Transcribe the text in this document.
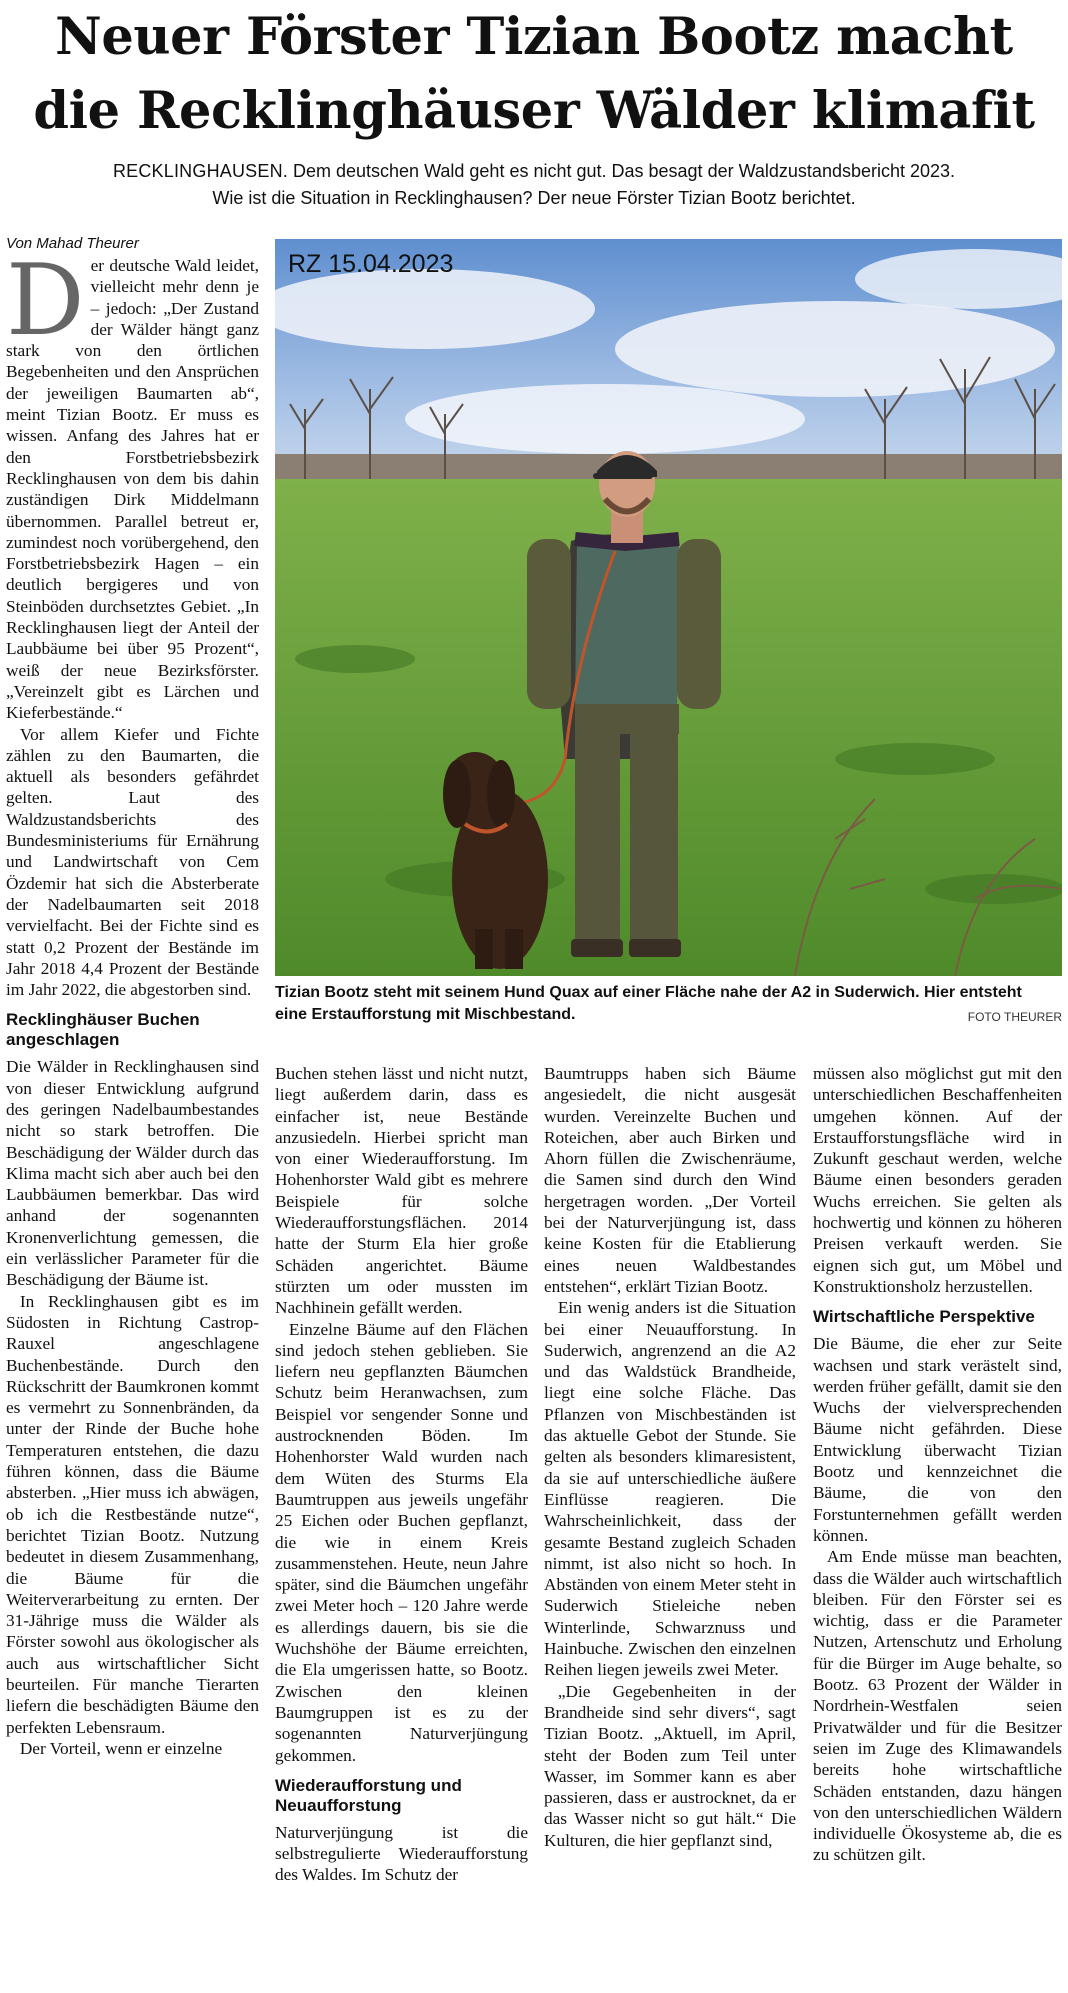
Neuer Förster Tizian Bootz macht
die Recklinghäuser Wälder klimafit

RECKLINGHAUSEN. Dem deutschen Wald geht es nicht gut. Das besagt der Waldzustandsbericht 2023.
Wie ist die Situation in Recklinghausen? Der neue Förster Tizian Bootz berichtet.

Von Mahad Theurer
RZ 15.04.2023

Tizian Bootz steht mit seinem Hund Quax auf einer Fläche nahe der A2 in Suderwich. Hier entsteht eine Erstaufforstung mit Mischbestand.	FOTO THEURER

Der deutsche Wald leidet, vielleicht mehr denn je – jedoch: „Der Zustand der Wälder hängt ganz stark von den örtlichen Begebenheiten und den Ansprüchen der jeweiligen Baumarten ab“, meint Tizian Bootz. Er muss es wissen. Anfang des Jahres hat er den Forstbetriebsbezirk Recklinghausen von dem bis dahin zuständigen Dirk Middelmann übernommen. Parallel betreut er, zumindest noch vorübergehend, den Forstbetriebsbezirk Hagen – ein deutlich bergigeres und von Steinböden durchsetztes Gebiet. „In Recklinghausen liegt der Anteil der Laubbäume bei über 95 Prozent“, weiß der neue Bezirksförster. „Vereinzelt gibt es Lärchen und Kieferbestände.“

Vor allem Kiefer und Fichte zählen zu den Baumarten, die aktuell als besonders gefährdet gelten. Laut des Waldzustandsberichts des Bundesministeriums für Ernährung und Landwirtschaft von Cem Özdemir hat sich die Absterberate der Nadelbaumarten seit 2018 vervielfacht. Bei der Fichte sind es statt 0,2 Prozent der Bestände im Jahr 2018 4,4 Prozent der Bestände im Jahr 2022, die abgestorben sind.

Recklinghäuser Buchen angeschlagen

Die Wälder in Recklinghausen sind von dieser Entwicklung aufgrund des geringen Nadelbaumbestandes nicht so stark betroffen. Die Beschädigung der Wälder durch das Klima macht sich aber auch bei den Laubbäumen bemerkbar. Das wird anhand der sogenannten Kronenverlichtung gemessen, die ein verlässlicher Parameter für die Beschädigung der Bäume ist.

In Recklinghausen gibt es im Südosten in Richtung Castrop-Rauxel angeschlagene Buchenbestände. Durch den Rückschritt der Baumkronen kommt es vermehrt zu Sonnenbränden, da unter der Rinde der Buche hohe Temperaturen entstehen, die dazu führen können, dass die Bäume absterben. „Hier muss ich abwägen, ob ich die Restbestände nutze“, berichtet Tizian Bootz. Nutzung bedeutet in diesem Zusammenhang, die Bäume für die Weiterverarbeitung zu ernten. Der 31-Jährige muss die Wälder als Förster sowohl aus ökologischer als auch aus wirtschaftlicher Sicht beurteilen. Für manche Tierarten liefern die beschädigten Bäume den perfekten Lebensraum.

Der Vorteil, wenn er einzelne

Buchen stehen lässt und nicht nutzt, liegt außerdem darin, dass es einfacher ist, neue Bestände anzusiedeln. Hierbei spricht man von einer Wiederaufforstung. Im Hohenhorster Wald gibt es mehrere Beispiele für solche Wiederaufforstungsflächen. 2014 hatte der Sturm Ela hier große Schäden angerichtet. Bäume stürzten um oder mussten im Nachhinein gefällt werden.

Einzelne Bäume auf den Flächen sind jedoch stehen geblieben. Sie liefern neu gepflanzten Bäumchen Schutz beim Heranwachsen, zum Beispiel vor sengender Sonne und austrocknenden Böden. Im Hohenhorster Wald wurden nach dem Wüten des Sturms Ela Baumtruppen aus jeweils ungefähr 25 Eichen oder Buchen gepflanzt, die wie in einem Kreis zusammenstehen. Heute, neun Jahre später, sind die Bäumchen ungefähr zwei Meter hoch – 120 Jahre werde es allerdings dauern, bis sie die Wuchshöhe der Bäume erreichten, die Ela umgerissen hatte, so Bootz. Zwischen den kleinen Baumgruppen ist es zu der sogenannten Naturverjüngung gekommen.

Wiederaufforstung und Neuaufforstung

Naturverjüngung ist die selbstregulierte Wiederaufforstung des Waldes. Im Schutz der

Baumtrupps haben sich Bäume angesiedelt, die nicht ausgesät wurden. Vereinzelte Buchen und Roteichen, aber auch Birken und Ahorn füllen die Zwischenräume, die Samen sind durch den Wind hergetragen worden. „Der Vorteil bei der Naturverjüngung ist, dass keine Kosten für die Etablierung eines neuen Waldbestandes entstehen“, erklärt Tizian Bootz.

Ein wenig anders ist die Situation bei einer Neuaufforstung. In Suderwich, angrenzend an die A2 und das Waldstück Brandheide, liegt eine solche Fläche. Das Pflanzen von Mischbeständen ist das aktuelle Gebot der Stunde. Sie gelten als besonders klimaresistent, da sie auf unterschiedliche äußere Einflüsse reagieren. Die Wahrscheinlichkeit, dass der gesamte Bestand zugleich Schaden nimmt, ist also nicht so hoch. In Abständen von einem Meter steht in Suderwich Stieleiche neben Winterlinde, Schwarznuss und Hainbuche. Zwischen den einzelnen Reihen liegen jeweils zwei Meter.

„Die Gegebenheiten in der Brandheide sind sehr divers“, sagt Tizian Bootz. „Aktuell, im April, steht der Boden zum Teil unter Wasser, im Sommer kann es aber passieren, dass er austrocknet, da er das Wasser nicht so gut hält.“ Die Kulturen, die hier gepflanzt sind,

müssen also möglichst gut mit den unterschiedlichen Beschaffenheiten umgehen können. Auf der Erstaufforstungsfläche wird in Zukunft geschaut werden, welche Bäume einen besonders geraden Wuchs erreichen. Sie gelten als hochwertig und können zu höheren Preisen verkauft werden. Sie eignen sich gut, um Möbel und Konstruktionsholz herzustellen.

Wirtschaftliche Perspektive

Die Bäume, die eher zur Seite wachsen und stark verästelt sind, werden früher gefällt, damit sie den Wuchs der vielversprechenden Bäume nicht gefährden. Diese Entwicklung überwacht Tizian Bootz und kennzeichnet die Bäume, die von den Forstunternehmen gefällt werden können.

Am Ende müsse man beachten, dass die Wälder auch wirtschaftlich bleiben. Für den Förster sei es wichtig, dass er die Parameter Nutzen, Artenschutz und Erholung für die Bürger im Auge behalte, so Bootz. 63 Prozent der Wälder in Nordrhein-Westfalen seien Privatwälder und für die Besitzer seien im Zuge des Klimawandels bereits hohe wirtschaftliche Schäden entstanden, dazu hängen von den unterschiedlichen Wäldern individuelle Ökosysteme ab, die es zu schützen gilt.
